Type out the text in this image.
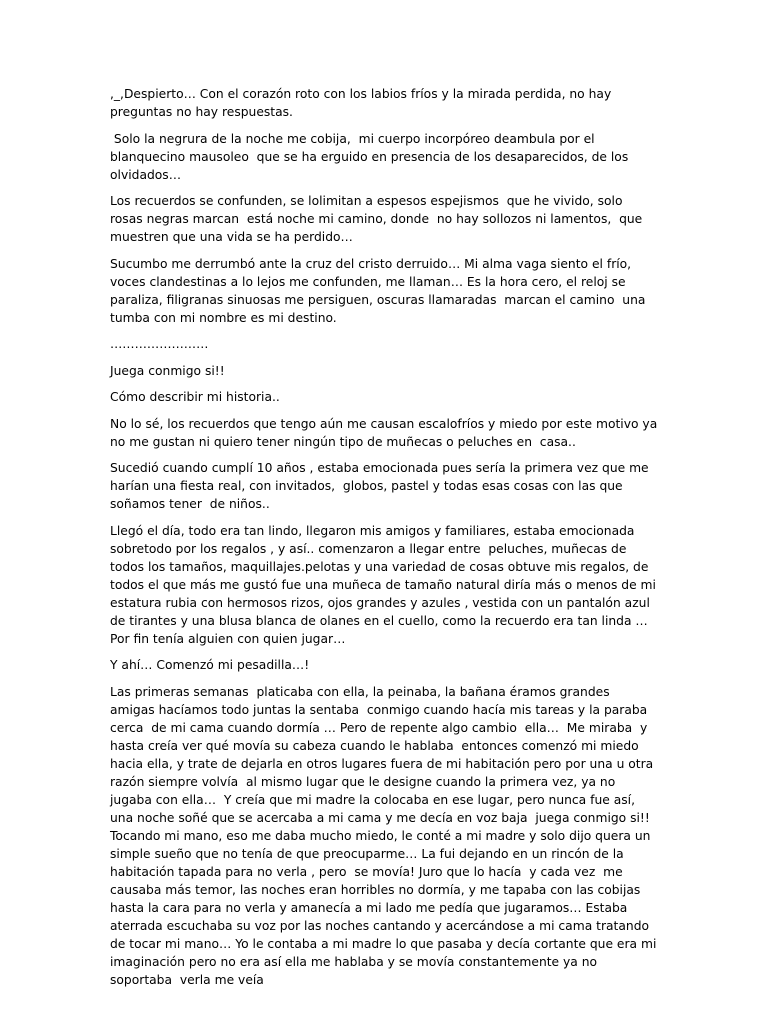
,_,Despierto… Con el corazón roto con los labios fríos y la mirada perdida, no hay preguntas no hay respuestas.

Solo la negrura de la noche me cobija,  mi cuerpo incorpóreo deambula por el blanquecino mausoleo  que se ha erguido en presencia de los desaparecidos, de los olvidados…

Los recuerdos se confunden, se lolimitan a espesos espejismos  que he vivido, solo rosas negras marcan  está noche mi camino, donde  no hay sollozos ni lamentos,  que  muestren que una vida se ha perdido…

Sucumbo me derrumbó ante la cruz del cristo derruido… Mi alma vaga siento el frío,  voces clandestinas a lo lejos me confunden, me llaman… Es la hora cero, el reloj se paraliza, filigranas sinuosas me persiguen, oscuras llamaradas  marcan el camino  una tumba con mi nombre es mi destino.

……………………

Juega conmigo si!!

Cómo describir mi historia..

No lo sé, los recuerdos que tengo aún me causan escalofríos y miedo por este motivo ya no me gustan ni quiero tener ningún tipo de muñecas o peluches en  casa..

Sucedió cuando cumplí 10 años , estaba emocionada pues sería la primera vez que me harían una fiesta real, con invitados,  globos, pastel y todas esas cosas con las que soñamos tener  de niños..

Llegó el día, todo era tan lindo, llegaron mis amigos y familiares, estaba emocionada sobretodo por los regalos , y así.. comenzaron a llegar entre  peluches, muñecas de todos los tamaños, maquillajes.pelotas y una variedad de cosas obtuve mis regalos, de todos el que más me gustó fue una muñeca de tamaño natural diría más o menos de mi  estatura rubia con hermosos rizos, ojos grandes y azules , vestida con un pantalón azul de tirantes y una blusa blanca de olanes en el cuello, como la recuerdo era tan linda … Por fin tenía alguien con quien jugar…

Y ahí… Comenzó mi pesadilla…!

Las primeras semanas  platicaba con ella, la peinaba, la bañana éramos grandes amigas hacíamos todo juntas la sentaba  conmigo cuando hacía mis tareas y la paraba cerca  de mi cama cuando dormía … Pero de repente algo cambio  ella…  Me miraba  y hasta creía ver qué movía su cabeza cuando le hablaba  entonces comenzó mi miedo hacia ella, y trate de dejarla en otros lugares fuera de mi habitación pero por una u otra razón siempre volvía  al mismo lugar que le designe cuando la primera vez, ya no jugaba con ella…  Y creía que mi madre la colocaba en ese lugar, pero nunca fue así,  una noche soñé que se acercaba a mi cama y me decía en voz baja  juega conmigo si!!  Tocando mi mano, eso me daba mucho miedo, le conté a mi madre y solo dijo quera un simple sueño que no tenía de que preocuparme… La fui dejando en un rincón de la habitación tapada para no verla , pero  se movía! Juro que lo hacía  y cada vez  me causaba más temor, las noches eran horribles no dormía, y me tapaba con las cobijas hasta la cara para no verla y amanecía a mi lado me pedía que jugaramos… Estaba aterrada escuchaba su voz por las noches cantando y acercándose a mi cama tratando de tocar mi mano… Yo le contaba a mi madre lo que pasaba y decía cortante que era mi imaginación pero no era así ella me hablaba y se movía constantemente ya no soportaba  verla me veía
